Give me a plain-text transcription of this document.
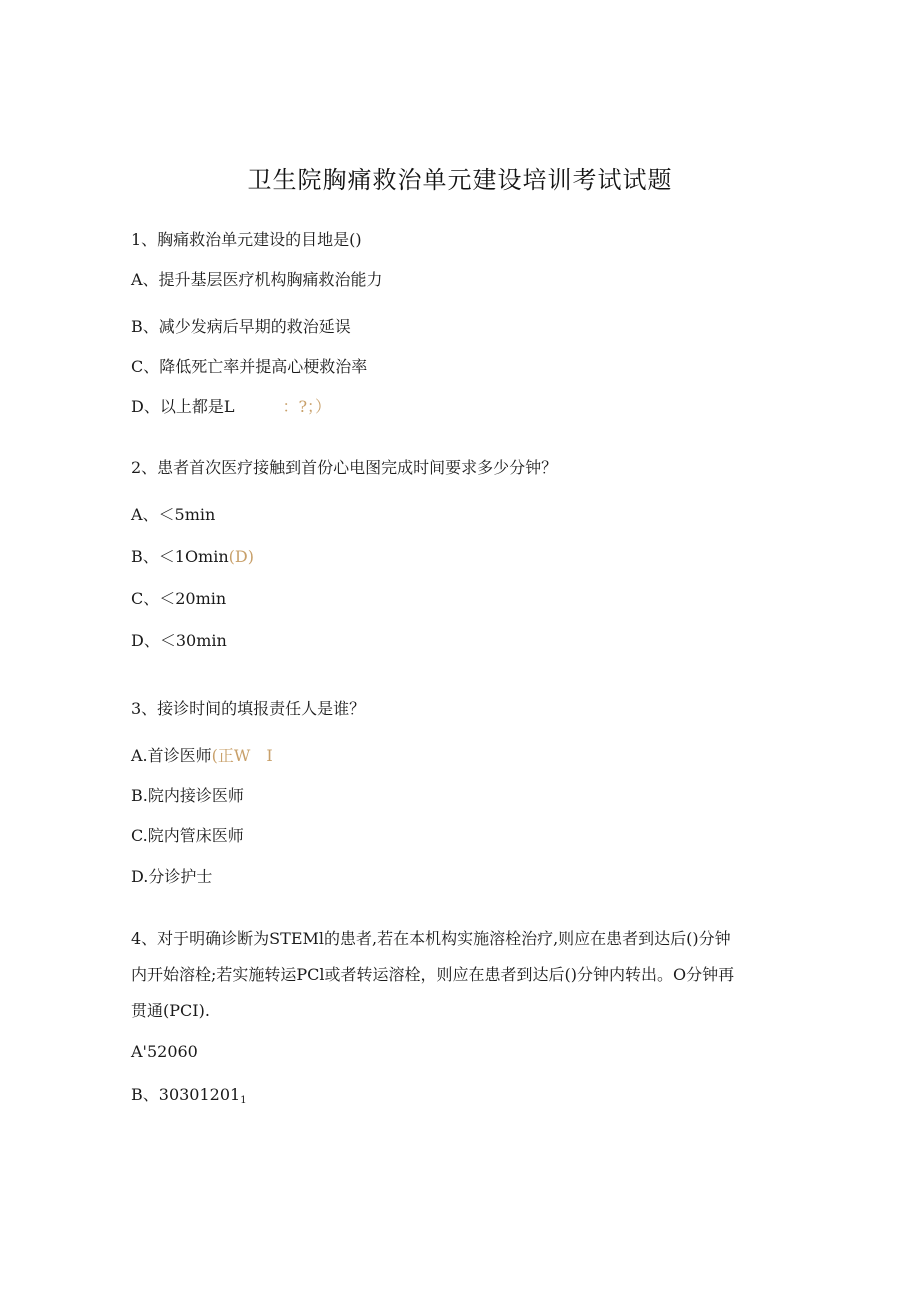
卫生院胸痛救治单元建设培训考试试题
1、胸痛救治单元建设的目地是()
A、提升基层医疗机构胸痛救治能力
B、减少发病后早期的救治延误
C、降低死亡率并提高心梗救治率
D、以上都是L	：?；）
2、患者首次医疗接触到首份心电图完成时间要求多少分钟？
A、＜5min
B、＜1Omin(D)
C、＜20min
D、＜30min
3、接诊时间的填报责任人是谁？
A.首诊医师(正W　I
B.院内接诊医师
C.院内管床医师
D.分诊护士
4、对于明确诊断为STEMl的患者,若在本机构实施溶栓治疗,则应在患者到达后()分钟
内开始溶栓;若实施转运PCl或者转运溶栓，则应在患者到达后()分钟内转出。O分钟再
贯通(PCI).
A'52060
B、$30301201_1$
